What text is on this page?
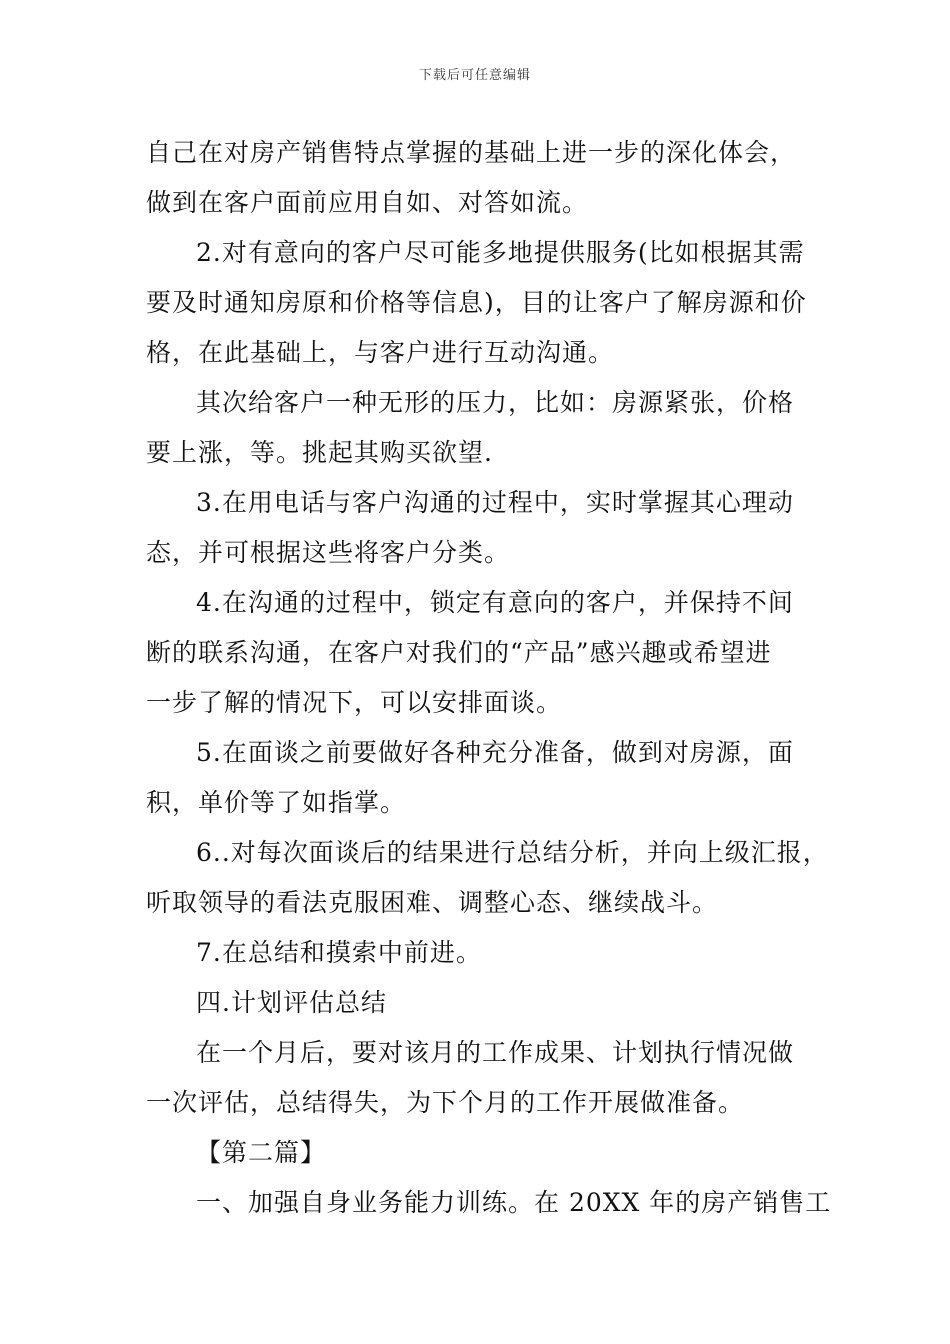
下载后可任意编辑

自己在对房产销售特点掌握的基础上进一步的深化体会，
做到在客户面前应用自如、对答如流。

2.对有意向的客户尽可能多地提供服务(比如根据其需
要及时通知房原和价格等信息)，目的让客户了解房源和价
格，在此基础上，与客户进行互动沟通。

其次给客户一种无形的压力，比如：房源紧张，价格
要上涨，等。挑起其购买欲望.

3.在用电话与客户沟通的过程中，实时掌握其心理动
态，并可根据这些将客户分类。

4.在沟通的过程中，锁定有意向的客户，并保持不间
断的联系沟通，在客户对我们的“产品”感兴趣或希望进
一步了解的情况下，可以安排面谈。

5.在面谈之前要做好各种充分准备，做到对房源，面
积，单价等了如指掌。

6..对每次面谈后的结果进行总结分析，并向上级汇报，
听取领导的看法克服困难、调整心态、继续战斗。

7.在总结和摸索中前进。

四.计划评估总结

在一个月后，要对该月的工作成果、计划执行情况做
一次评估，总结得失，为下个月的工作开展做准备。

【第二篇】

一、加强自身业务能力训练。在 20XX 年的房产销售工
